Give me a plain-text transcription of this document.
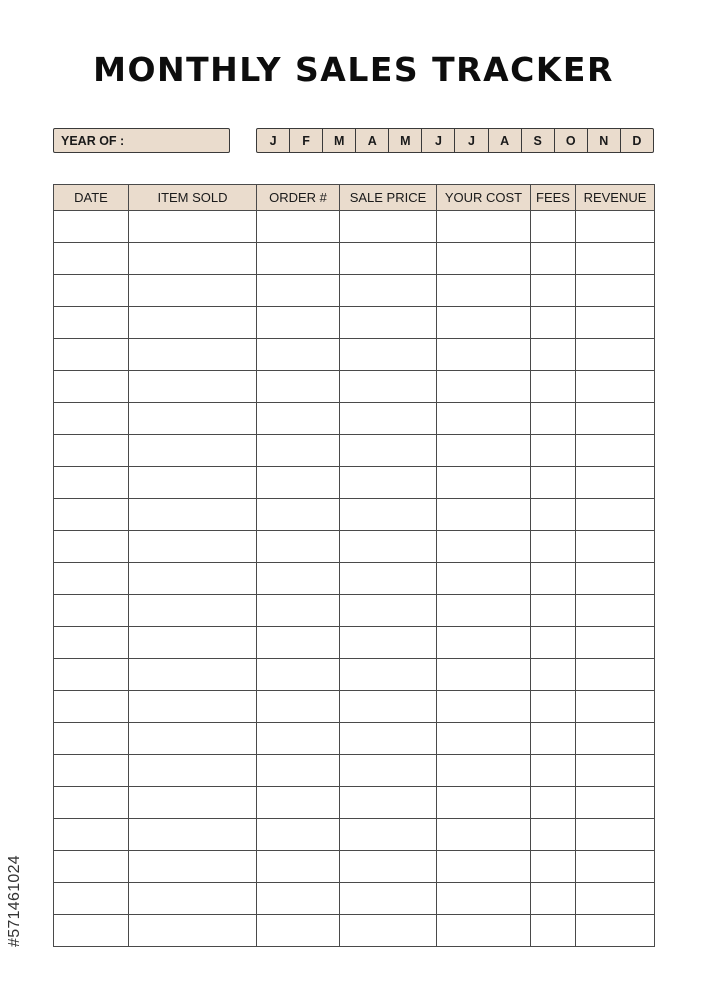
MONTHLY SALES TRACKER
YEAR OF :	J	F	M	A	M	J	J	A	S	O	N	D
DATE	ITEM SOLD	ORDER #	SALE PRICE	YOUR COST	FEES	REVENUE

#571461024
